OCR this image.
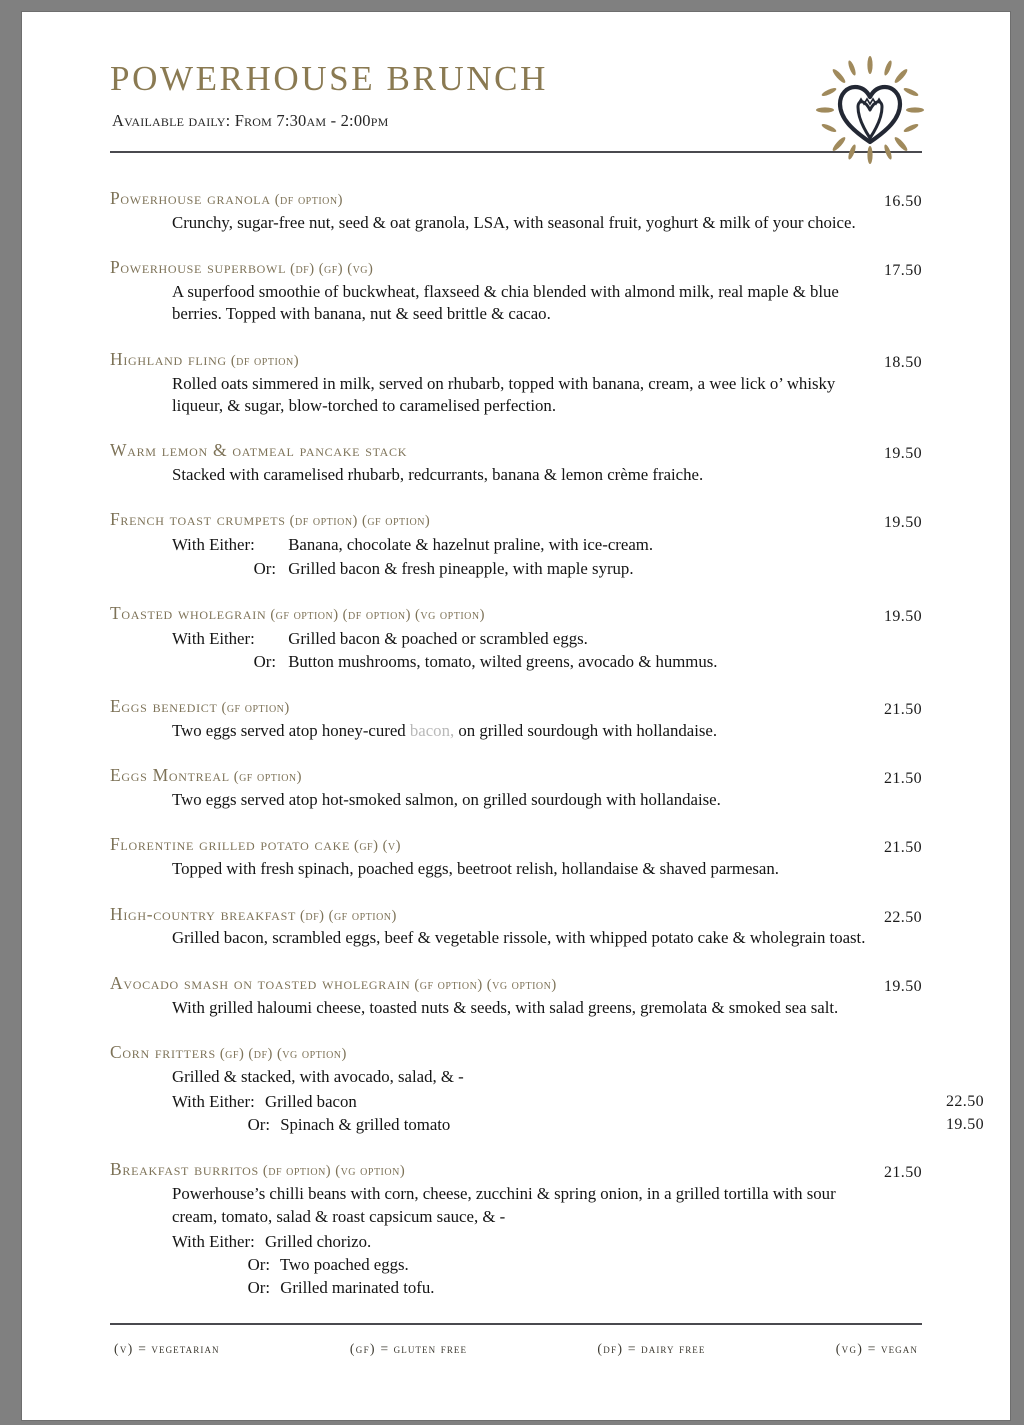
POWERHOUSE BRUNCH
Available daily: From 7:30am - 2:00pm
Powerhouse granola (df option)	16.50
Crunchy, sugar-free nut, seed & oat granola, LSA, with seasonal fruit, yoghurt & milk of your choice.
Powerhouse superbowl (df) (gf) (vg)	17.50
A superfood smoothie of buckwheat, flaxseed & chia blended with almond milk, real maple & blue berries. Topped with banana, nut & seed brittle & cacao.
Highland fling (df option)	18.50
Rolled oats simmered in milk, served on rhubarb, topped with banana, cream, a wee lick o’ whisky liqueur, & sugar, blow-torched to caramelised perfection.
Warm lemon & oatmeal pancake stack	19.50
Stacked with caramelised rhubarb, redcurrants, banana & lemon crème fraiche.
French toast crumpets (df option) (gf option)	19.50
With Either: Banana, chocolate & hazelnut praline, with ice-cream.
Or: Grilled bacon & fresh pineapple, with maple syrup.
Toasted wholegrain (gf option) (df option) (vg option)	19.50
With Either: Grilled bacon & poached or scrambled eggs.
Or: Button mushrooms, tomato, wilted greens, avocado & hummus.
Eggs benedict (gf option)	21.50
Two eggs served atop honey-cured bacon, on grilled sourdough with hollandaise.
Eggs Montreal (gf option)	21.50
Two eggs served atop hot-smoked salmon, on grilled sourdough with hollandaise.
Florentine grilled potato cake (gf) (v)	21.50
Topped with fresh spinach, poached eggs, beetroot relish, hollandaise & shaved parmesan.
High-country breakfast (df) (gf option)	22.50
Grilled bacon, scrambled eggs, beef & vegetable rissole, with whipped potato cake & wholegrain toast.
Avocado smash on toasted wholegrain (gf option) (vg option)	19.50
With grilled haloumi cheese, toasted nuts & seeds, with salad greens, gremolata & smoked sea salt.
Corn fritters (gf) (df) (vg option)
Grilled & stacked, with avocado, salad, & -
With Either: Grilled bacon	22.50
Or: Spinach & grilled tomato	19.50
Breakfast burritos (df option) (vg option)	21.50
Powerhouse’s chilli beans with corn, cheese, zucchini & spring onion, in a grilled tortilla with sour cream, tomato, salad & roast capsicum sauce, & -
With Either: Grilled chorizo.
Or: Two poached eggs.
Or: Grilled marinated tofu.
(v) = vegetarian	(gf) = gluten free	(df) = dairy free	(vg) = vegan
